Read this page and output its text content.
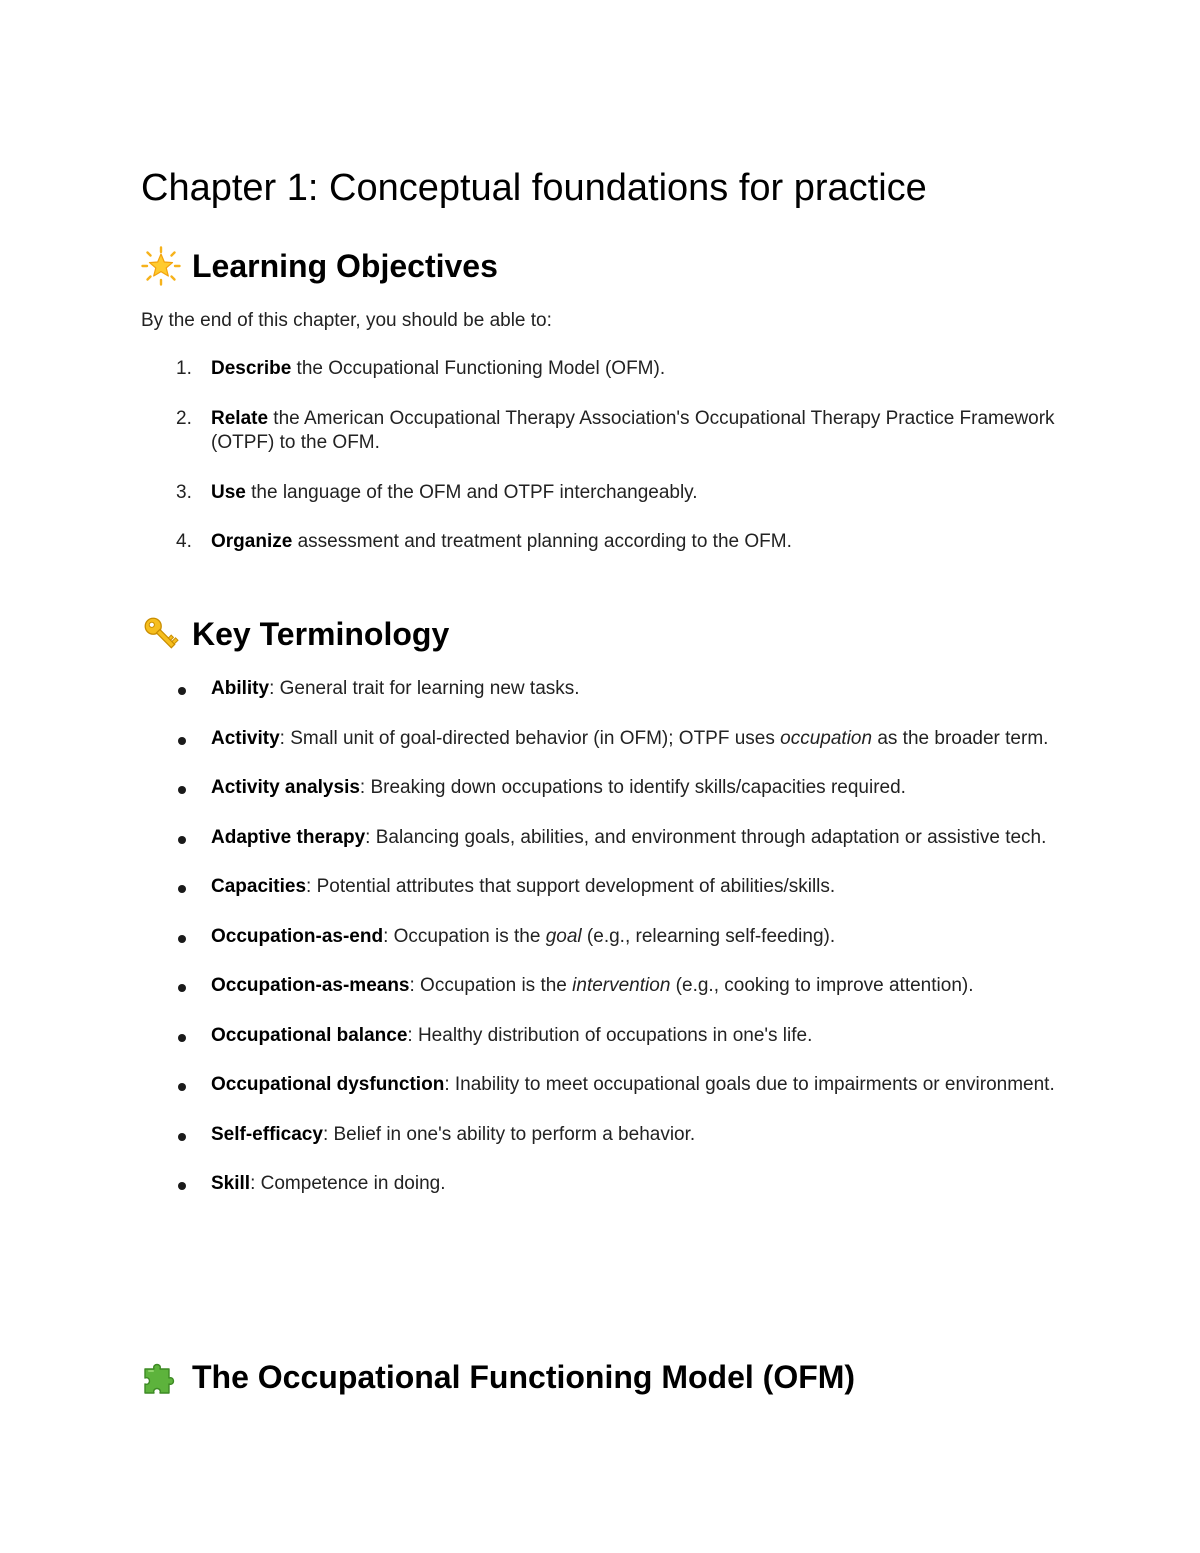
Chapter 1: Conceptual foundations for practice
Learning Objectives

By the end of this chapter, you should be able to:

1. Describe the Occupational Functioning Model (OFM).
2. Relate the American Occupational Therapy Association's Occupational Therapy Practice Framework (OTPF) to the OFM.
3. Use the language of the OFM and OTPF interchangeably.
4. Organize assessment and treatment planning according to the OFM.
Key Terminology
Ability: General trait for learning new tasks.
Activity: Small unit of goal-directed behavior (in OFM); OTPF uses occupation as the broader term.
Activity analysis: Breaking down occupations to identify skills/capacities required.
Adaptive therapy: Balancing goals, abilities, and environment through adaptation or assistive tech.
Capacities: Potential attributes that support development of abilities/skills.
Occupation-as-end: Occupation is the goal (e.g., relearning self-feeding).
Occupation-as-means: Occupation is the intervention (e.g., cooking to improve attention).
Occupational balance: Healthy distribution of occupations in one's life.
Occupational dysfunction: Inability to meet occupational goals due to impairments or environment.
Self-efficacy: Belief in one's ability to perform a behavior.
Skill: Competence in doing.
The Occupational Functioning Model (OFM)
